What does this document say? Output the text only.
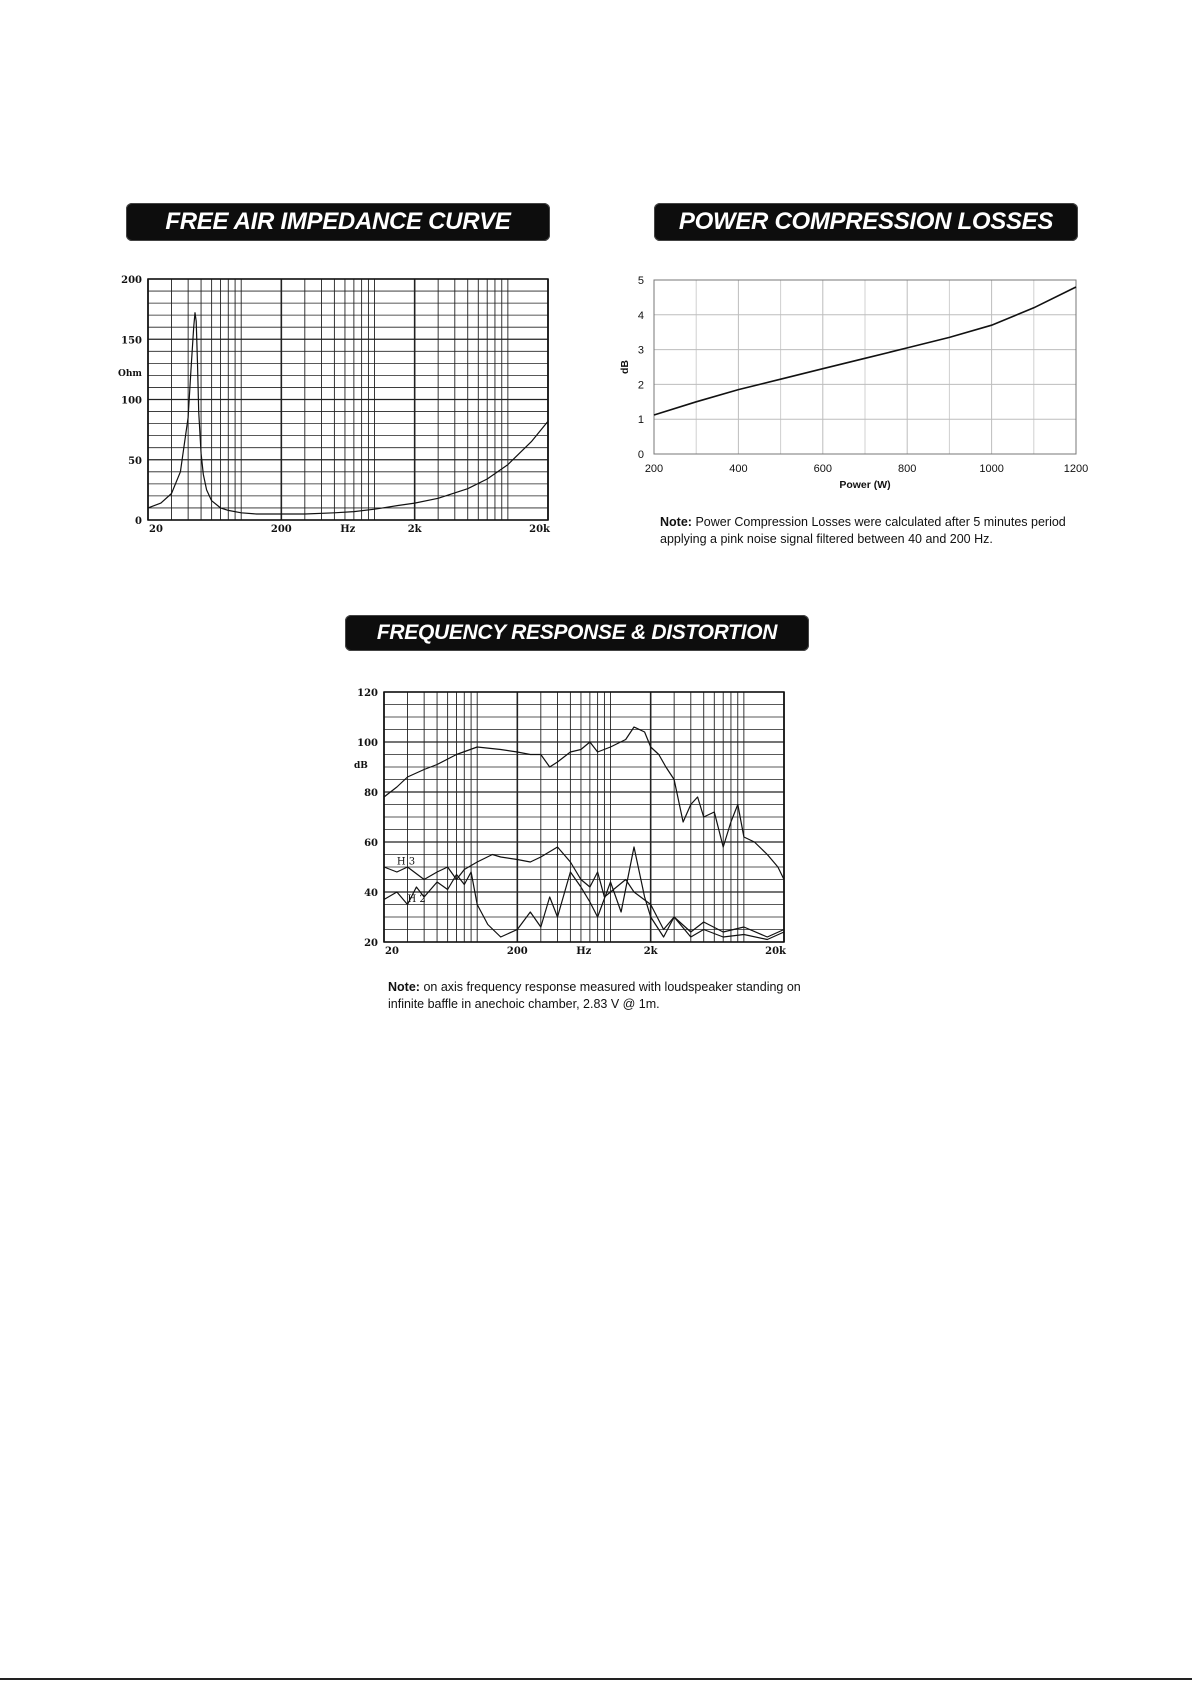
FREE AIR IMPEDANCE CURVE	POWER COMPRESSION LOSSES
FREQUENCY RESPONSE & DISTORTION
0
50
100
150
200
Ohm
20	200	Hz	2k	20k
200	400	600	800	1000	1200
0
1
2
3
4
5
Power (W)
dB
20
40
60
80
100
120
dB
20	200	Hz	2k	20k
H 3
H 2
Note: Power Compression Losses were calculated after 5 minutes period applying a pink noise signal filtered between 40 and 200 Hz.
Note: on axis frequency response measured with loudspeaker standing on infinite baffle in anechoic chamber, 2.83 V @ 1m.
